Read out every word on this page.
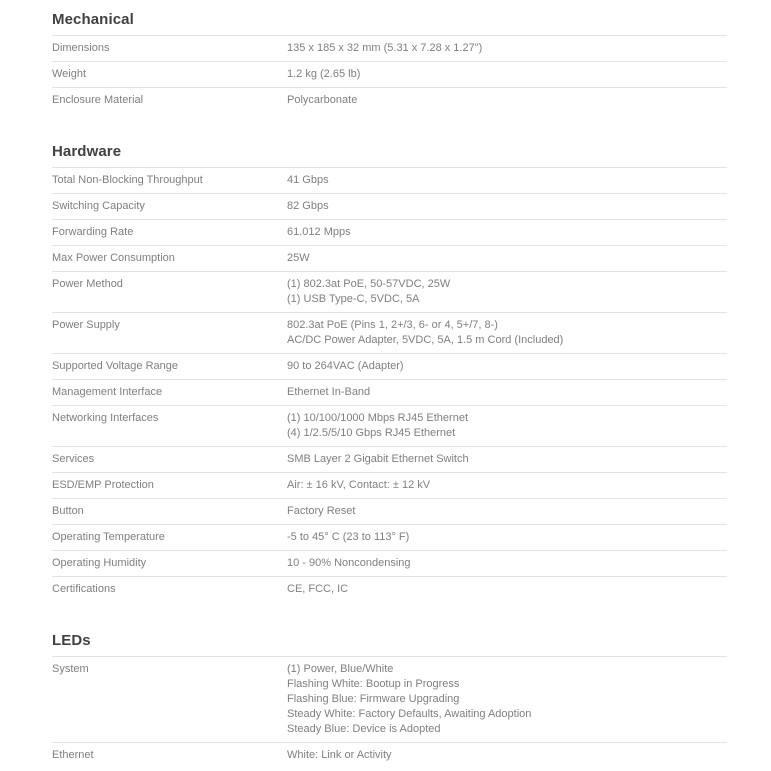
Mechanical
Dimensions	135 x 185 x 32 mm (5.31 x 7.28 x 1.27")
Weight	1.2 kg (2.65 lb)
Enclosure Material	Polycarbonate
Hardware
Total Non-Blocking Throughput	41 Gbps
Switching Capacity	82 Gbps
Forwarding Rate	61.012 Mpps
Max Power Consumption	25W
Power Method	(1) 802.3at PoE, 50-57VDC, 25W
(1) USB Type-C, 5VDC, 5A
Power Supply	802.3at PoE (Pins 1, 2+/3, 6- or 4, 5+/7, 8-)
AC/DC Power Adapter, 5VDC, 5A, 1.5 m Cord (Included)
Supported Voltage Range	90 to 264VAC (Adapter)
Management Interface	Ethernet In-Band
Networking Interfaces	(1) 10/100/1000 Mbps RJ45 Ethernet
(4) 1/2.5/5/10 Gbps RJ45 Ethernet
Services	SMB Layer 2 Gigabit Ethernet Switch
ESD/EMP Protection	Air: ± 16 kV, Contact: ± 12 kV
Button	Factory Reset
Operating Temperature	-5 to 45° C (23 to 113° F)
Operating Humidity	10 - 90% Noncondensing
Certifications	CE, FCC, IC
LEDs
System	(1) Power, Blue/White
Flashing White: Bootup in Progress
Flashing Blue: Firmware Upgrading
Steady White: Factory Defaults, Awaiting Adoption
Steady Blue: Device is Adopted
Ethernet	White: Link or Activity
